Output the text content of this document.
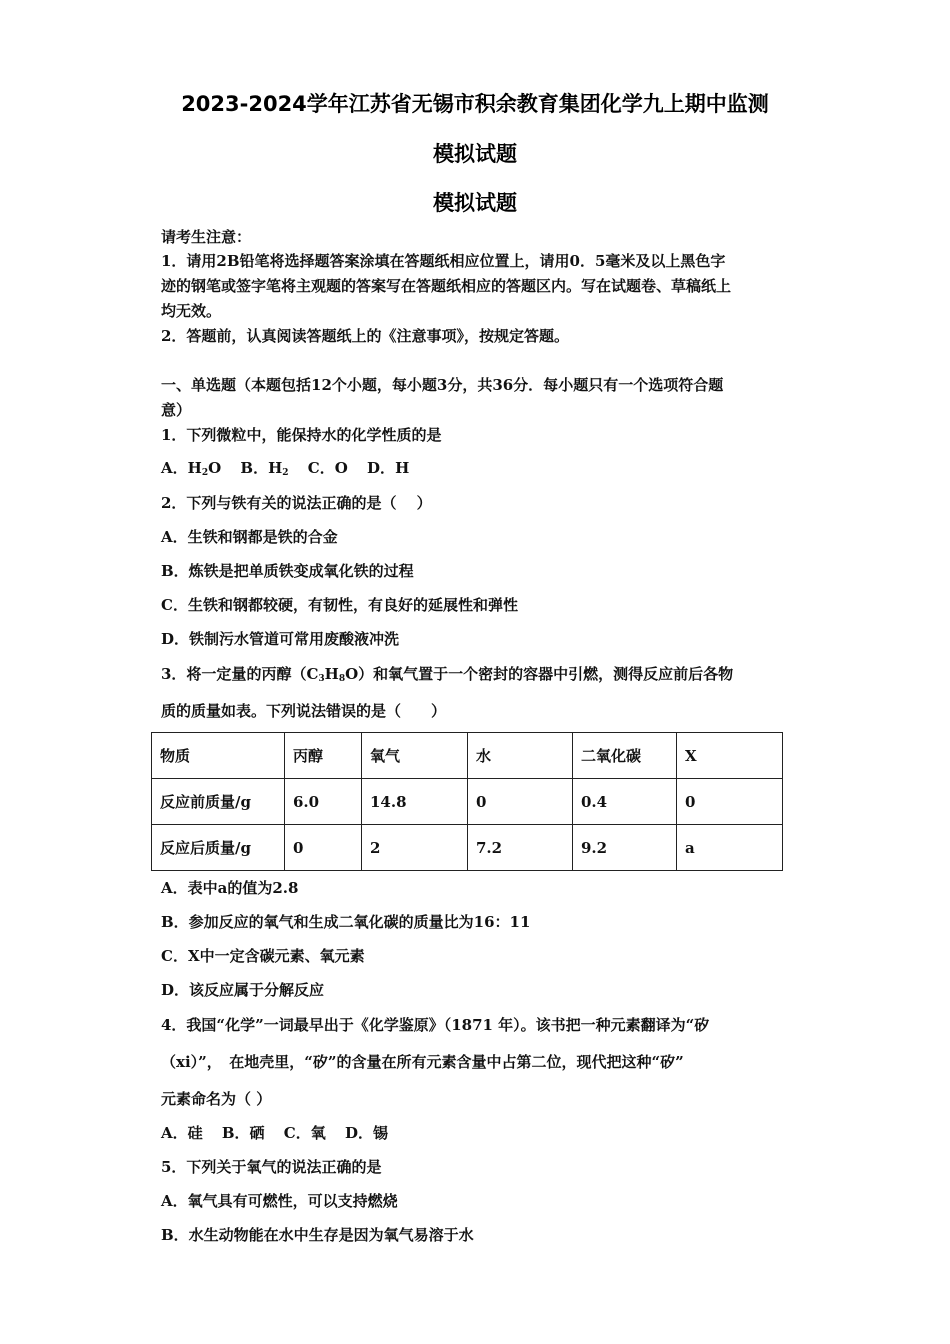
2023-2024学年江苏省无锡市积余教育集团化学九上期中监测
模拟试题
模拟试题
请考生注意：
1．请用2B铅笔将选择题答案涂填在答题纸相应位置上，请用0．5毫米及以上黑色字
迹的钢笔或签字笔将主观题的答案写在答题纸相应的答题区内。写在试题卷、草稿纸上
均无效。
2．答题前，认真阅读答题纸上的《注意事项》，按规定答题。
一、单选题（本题包括12个小题，每小题3分，共36分．每小题只有一个选项符合题
意）
1．下列微粒中，能保持水的化学性质的是
A．$H_2O$ B．$H_2$ C．O D．H
2．下列与铁有关的说法正确的是（　 ）
A．生铁和钢都是铁的合金
B．炼铁是把单质铁变成氧化铁的过程
C．生铁和钢都较硬，有韧性，有良好的延展性和弹性
D．铁制污水管道可常用废酸液冲洗
3．将一定量的丙醇$(C_3H_8O)$和氧气置于一个密封的容器中引燃，测得反应前后各物
质的质量如表。下列说法错误的是（　　）
物质	丙醇	氧气	水	二氧化碳	X
反应前质量/g	6.0	14.8	0	0.4	0
反应后质量/g	0	2	7.2	9.2	a
A．表中a的值为2.8
B．参加反应的氧气和生成二氧化碳的质量比为16：11
C．X中一定含碳元素、氧元素
D．该反应属于分解反应
4．我国“化学”一词最早出于《化学鉴原》（1871 年）。该书把一种元素翻译为“矽
（xi）”，　在地壳里，“矽”的含量在所有元素含量中占第二位，现代把这种“矽”
元素命名为（ ）
A．硅 B．硒 C．氧 D．锡
5．下列关于氧气的说法正确的是
A．氧气具有可燃性，可以支持燃烧
B．水生动物能在水中生存是因为氧气易溶于水
